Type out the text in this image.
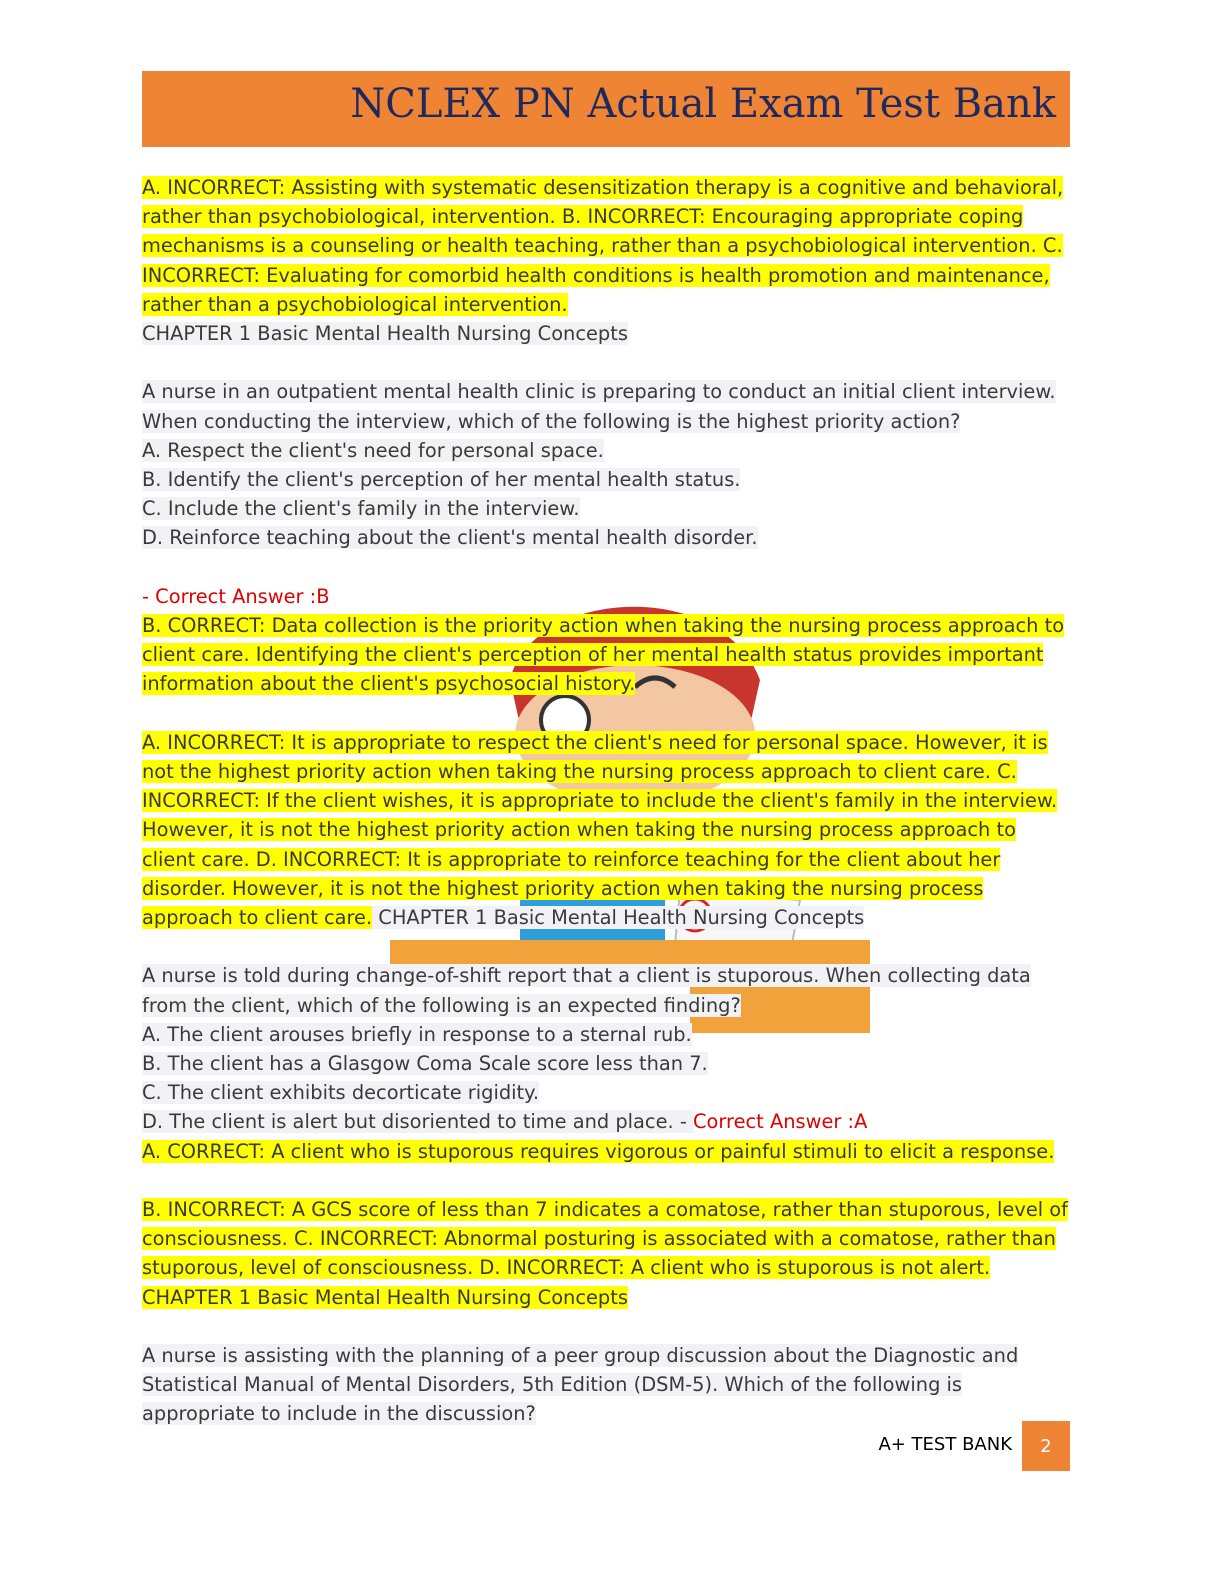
NCLEX PN Actual Exam Test Bank

A. INCORRECT: Assisting with systematic desensitization therapy is a cognitive and behavioral, rather than psychobiological, intervention. B. INCORRECT: Encouraging appropriate coping mechanisms is a counseling or health teaching, rather than a psychobiological intervention. C. INCORRECT: Evaluating for comorbid health conditions is health promotion and maintenance, rather than a psychobiological intervention.

CHAPTER 1 Basic Mental Health Nursing Concepts

A nurse in an outpatient mental health clinic is preparing to conduct an initial client interview. When conducting the interview, which of the following is the highest priority action?

A. Respect the client's need for personal space.

B. Identify the client's perception of her mental health status.

C. Include the client's family in the interview.

D. Reinforce teaching about the client's mental health disorder.

- Correct Answer :B

B. CORRECT: Data collection is the priority action when taking the nursing process approach to client care. Identifying the client's perception of her mental health status provides important information about the client's psychosocial history.

A. INCORRECT: It is appropriate to respect the client's need for personal space. However, it is not the highest priority action when taking the nursing process approach to client care. C. INCORRECT: If the client wishes, it is appropriate to include the client's family in the interview. However, it is not the highest priority action when taking the nursing process approach to client care. D. INCORRECT: It is appropriate to reinforce teaching for the client about her disorder. However, it is not the highest priority action when taking the nursing process approach to client care. CHAPTER 1 Basic Mental Health Nursing Concepts

A nurse is told during change-of-shift report that a client is stuporous. When collecting data from the client, which of the following is an expected finding?

A. The client arouses briefly in response to a sternal rub.

B. The client has a Glasgow Coma Scale score less than 7.

C. The client exhibits decorticate rigidity.

D. The client is alert but disoriented to time and place. - Correct Answer :A

A. CORRECT: A client who is stuporous requires vigorous or painful stimuli to elicit a response.

B. INCORRECT: A GCS score of less than 7 indicates a comatose, rather than stuporous, level of consciousness. C. INCORRECT: Abnormal posturing is associated with a comatose, rather than stuporous, level of consciousness. D. INCORRECT: A client who is stuporous is not alert.

CHAPTER 1 Basic Mental Health Nursing Concepts

A nurse is assisting with the planning of a peer group discussion about the Diagnostic and Statistical Manual of Mental Disorders, 5th Edition (DSM-5). Which of the following is appropriate to include in the discussion?

A+ TEST BANK	2
